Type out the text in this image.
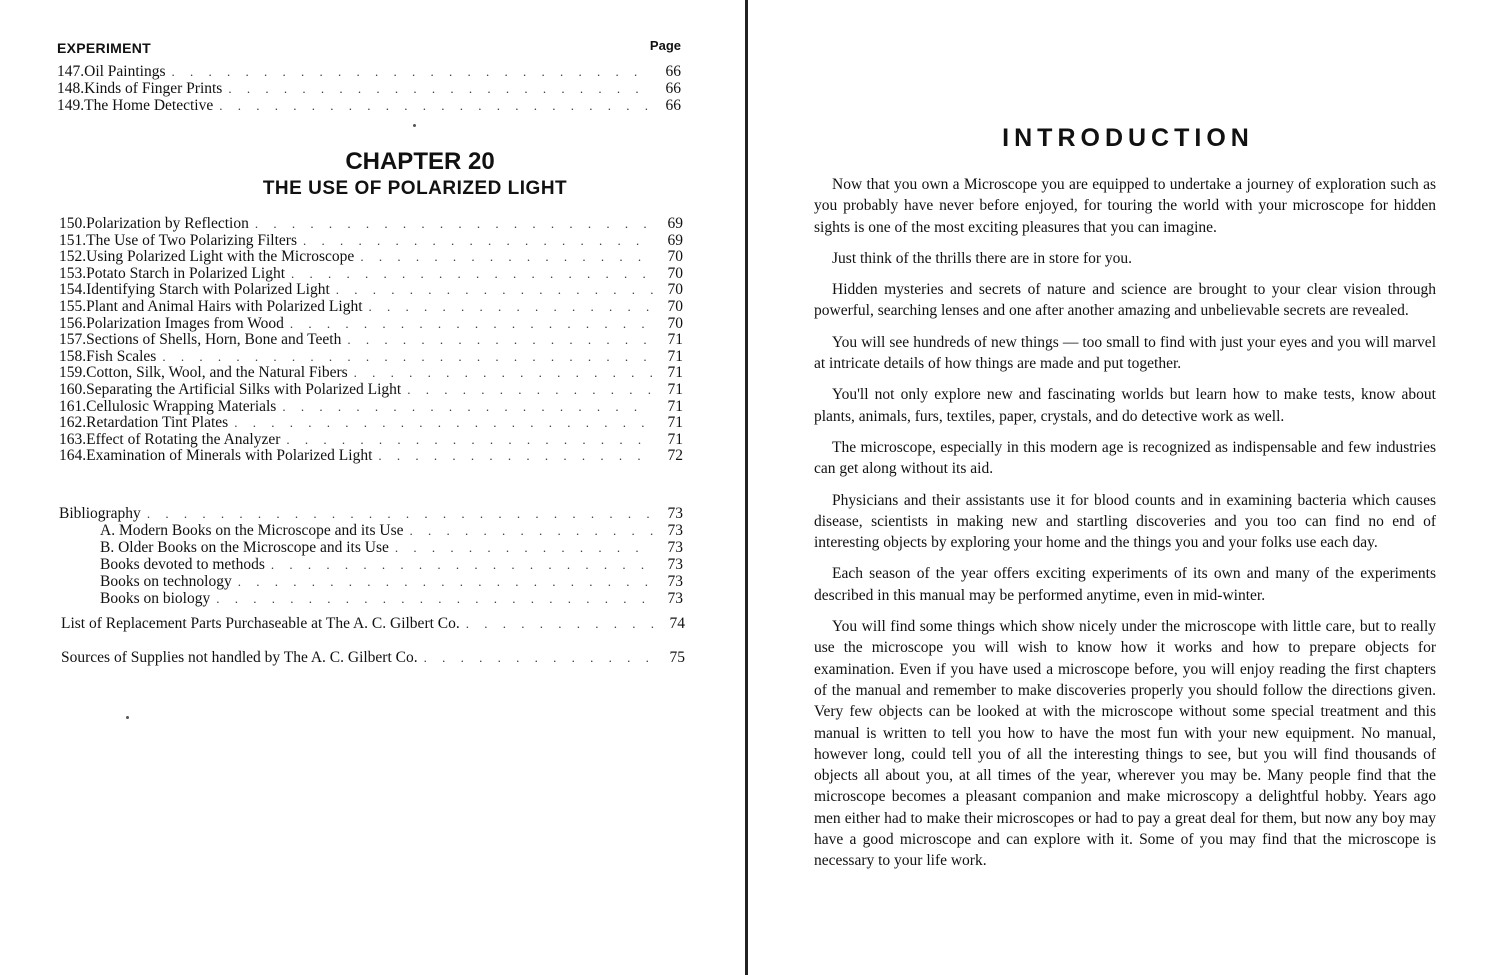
EXPERIMENT	Page
147. Oil Paintings . . .	66
148. Kinds of Finger Prints . . .	66
149. The Home Detective . . .	66
CHAPTER 20
THE USE OF POLARIZED LIGHT
150. Polarization by Reflection . . .	69
151. The Use of Two Polarizing Filters . . .	69
152. Using Polarized Light with the Microscope . . .	70
153. Potato Starch in Polarized Light . . .	70
154. Identifying Starch with Polarized Light . . .	70
155. Plant and Animal Hairs with Polarized Light . . .	70
156. Polarization Images from Wood . . .	70
157. Sections of Shells, Horn, Bone and Teeth . . .	71
158. Fish Scales . . .	71
159. Cotton, Silk, Wool, and the Natural Fibers . . .	71
160. Separating the Artificial Silks with Polarized Light . . .	71
161. Cellulosic Wrapping Materials . . .	71
162. Retardation Tint Plates . . .	71
163. Effect of Rotating the Analyzer . . .	71
164. Examination of Minerals with Polarized Light . . .	72
Bibliography . . .	73
A. Modern Books on the Microscope and its Use . . .	73
B. Older Books on the Microscope and its Use . . .	73
Books devoted to methods . . .	73
Books on technology . . .	73
Books on biology . . .	73
List of Replacement Parts Purchaseable at The A. C. Gilbert Co. . . .	74
Sources of Supplies not handled by The A. C. Gilbert Co. . . .	75
INTRODUCTION

Now that you own a Microscope you are equipped to undertake a journey of exploration such as you probably have never before enjoyed, for touring the world with your microscope for hidden sights is one of the most exciting pleasures that you can imagine.

Just think of the thrills there are in store for you.

Hidden mysteries and secrets of nature and science are brought to your clear vision through powerful, searching lenses and one after another amazing and unbelievable secrets are revealed.

You will see hundreds of new things — too small to find with just your eyes and you will marvel at intricate details of how things are made and put together.

You'll not only explore new and fascinating worlds but learn how to make tests, know about plants, animals, furs, textiles, paper, crystals, and do detective work as well.

The microscope, especially in this modern age is recognized as indispensable and few industries can get along without its aid.

Physicians and their assistants use it for blood counts and in examining bacteria which causes disease, scientists in making new and startling discoveries and you too can find no end of interesting objects by exploring your home and the things you and your folks use each day.

Each season of the year offers exciting experiments of its own and many of the experiments described in this manual may be performed anytime, even in mid-winter.

You will find some things which show nicely under the microscope with little care, but to really use the microscope you will wish to know how it works and how to prepare objects for examination. Even if you have used a microscope before, you will enjoy reading the first chapters of the manual and remember to make discoveries properly you should follow the directions given. Very few objects can be looked at with the microscope without some special treatment and this manual is written to tell you how to have the most fun with your new equipment. No manual, however long, could tell you of all the interesting things to see, but you will find thousands of objects all about you, at all times of the year, wherever you may be. Many people find that the microscope becomes a pleasant companion and make microscopy a delightful hobby. Years ago men either had to make their microscopes or had to pay a great deal for them, but now any boy may have a good microscope and can explore with it. Some of you may find that the microscope is necessary to your life work.
